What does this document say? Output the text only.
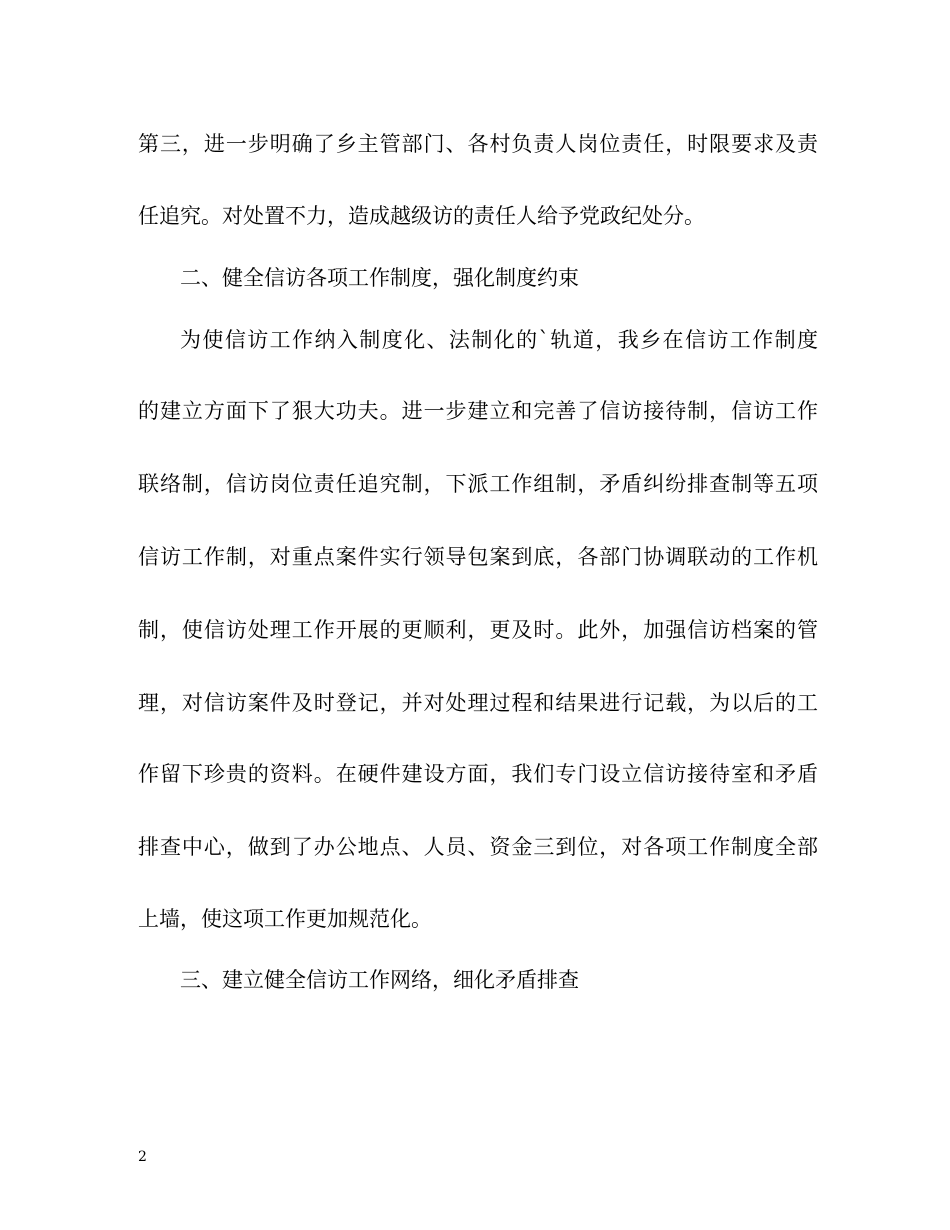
第三，进一步明确了乡主管部门、各村负责人岗位责任，时限要求及责
任追究。对处置不力，造成越级访的责任人给予党政纪处分。
二、健全信访各项工作制度，强化制度约束
为使信访工作纳入制度化、法制化的`轨道，我乡在信访工作制度
的建立方面下了狠大功夫。进一步建立和完善了信访接待制，信访工作
联络制，信访岗位责任追究制，下派工作组制，矛盾纠纷排查制等五项
信访工作制，对重点案件实行领导包案到底，各部门协调联动的工作机
制，使信访处理工作开展的更顺利，更及时。此外，加强信访档案的管
理，对信访案件及时登记，并对处理过程和结果进行记载，为以后的工
作留下珍贵的资料。在硬件建设方面，我们专门设立信访接待室和矛盾
排查中心，做到了办公地点、人员、资金三到位，对各项工作制度全部
上墙，使这项工作更加规范化。
三、建立健全信访工作网络，细化矛盾排查
2
